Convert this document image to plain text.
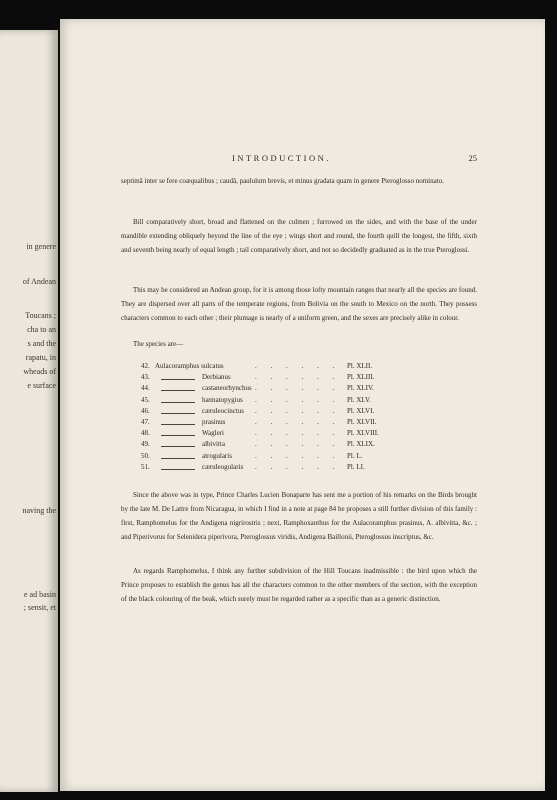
in genere
of Andean
Toucans ;
cha to an
s and the
rapatu, in
wheads of
e surface
naving the
e ad basin
; sensit, et
INTRODUCTION.	25
septimâ inter se fere coæqualibus ; caudâ, paululum brevis, et minus gradata quam in genere Pteroglosso nominato.
Bill comparatively short, broad and flattened on the culmen ; furrowed on the sides, and with the base of the under mandible extending obliquely beyond the line of the eye ; wings short and round, the fourth quill the longest, the fifth, sixth and seventh being nearly of equal length ; tail comparatively short, and not so decidedly graduated as in the true Pteroglossi.
This may be considered an Andean group, for it is among those lofty mountain ranges that nearly all the species are found. They are dispersed over all parts of the temperate regions, from Bolivia on the south to Mexico on the north. They possess characters common to each other ; their plumage is nearly of a uniform green, and the sexes are precisely alike in colour.
The species are—
42. Aulacoramphus sulcatus	. . . . . . Pl. XLII.
43.	Derbianus	. . . . . . Pl. XLIII.
44.	castaneorhynchus . . . . . . Pl. XLIV.
45.	hæmatopygius . . . . . . Pl. XLV.
46.	cæruleocinctus . . . . . . Pl. XLVI.
47.	prasinus	. . . . . . Pl. XLVII.
48.	Wagleri	. . . . . . Pl. XLVIII.
49.	albivitta	. . . . . . Pl. XLIX.
50.	atrogularis	. . . . . . Pl. L.
51.	cæruleogularis . . . . . . Pl. LI.
Since the above was in type, Prince Charles Lucien Bonaparte has sent me a portion of his remarks on the Birds brought by the late M. De Lattre from Nicaragua, in which I find in a note at page 84 he proposes a still further division of this family : first, Ramphomelus for the Andigena nigrirostris ; next, Ramphoxanthus for the Aulacoramphus prasinus, A. albivitta, &c. ; and Piperivorus for Selenidera piperivora, Pteroglossus viridis, Andigena Baillonii, Pteroglossus inscriptus, &c.
As regards Ramphomelus, I think any further subdivision of the Hill Toucans inadmissible : the bird upon which the Prince proposes to establish the genus has all the characters common to the other members of the section, with the exception of the black colouring of the beak, which surely must be regarded rather as a specific than as a generic distinction.
